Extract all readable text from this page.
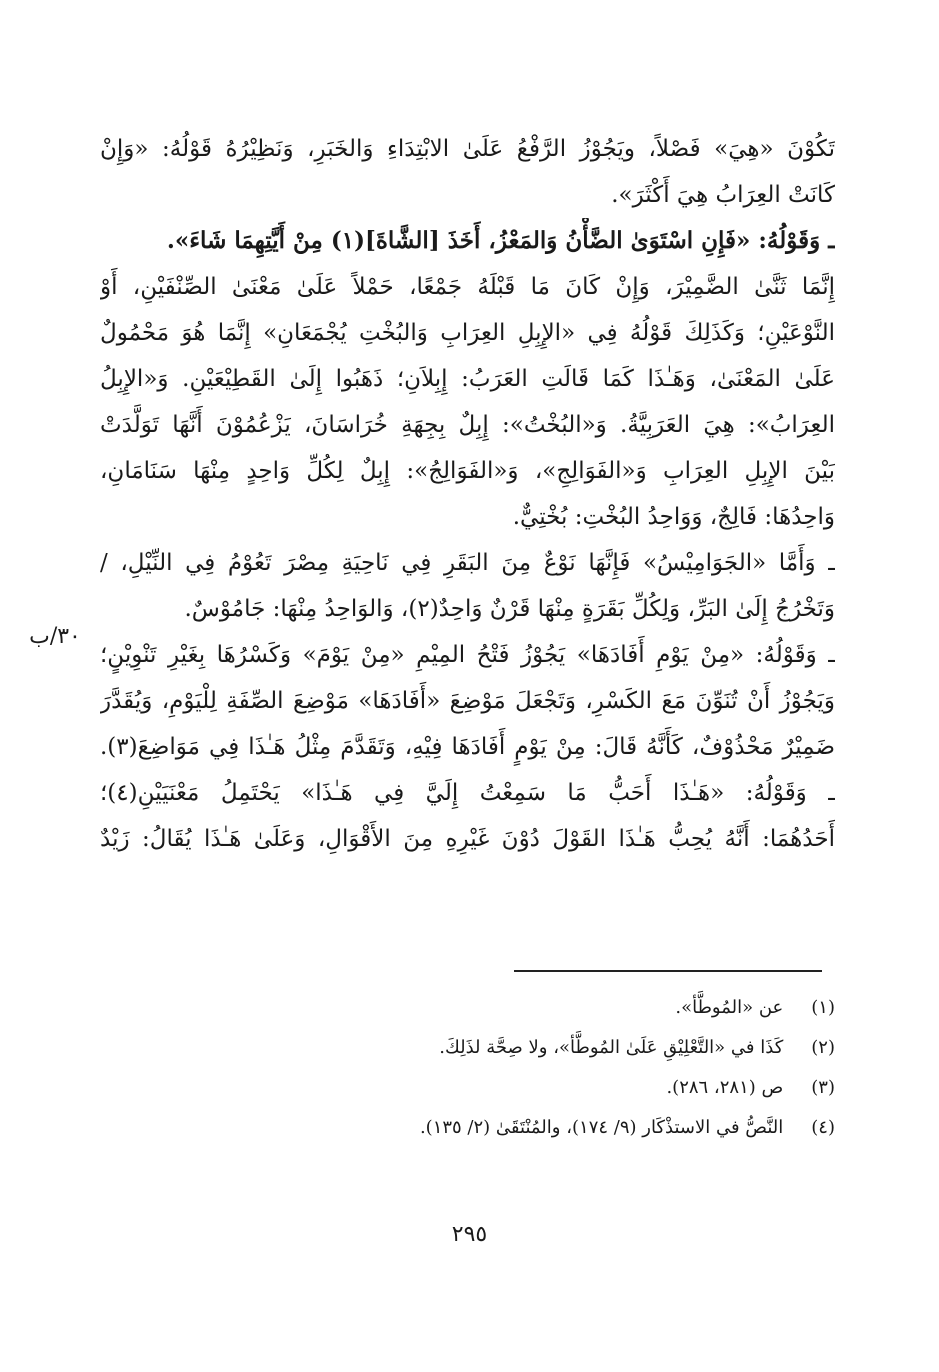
تَكُوْنَ «هِيَ» فَصْلاً، ويَجُوْزُ الرَّفْعُ عَلَىٰ الابْتِدَاءِ وَالخَبَرِ، وَنَظِيْرُهُ قَوْلُهُ: «وَإِنْ
كَانَتْ العِرَابُ هِيَ أَكْثَرَ».
ـ وَقَوْلُهُ: «فَإِنِ اسْتَوَىٰ الضَّأْنُ وَالمَعْزُ، أَخَذَ [الشَّاةَ](١) مِنْ أَيَّتِهِمَا شَاءَ».
إِنَّمَا ثَنَّىٰ الضَّمِيْرَ، وَإِنْ كَانَ مَا قَبْلَهُ جَمْعًا، حَمْلاً عَلَىٰ مَعْنَىٰ الصِّنْفَيْنِ، أَوْ
النَّوْعَيْنِ؛ وَكَذَلِكَ قَوْلُهُ فِي «الإِبِلِ العِرَابِ وَالبُخْتِ يُجْمَعَانِ» إِنَّمَا هُوَ مَحْمُولٌ
عَلَىٰ المَعْنَىٰ، وَهَـٰذَا كَمَا قَالَتِ العَرَبُ: إِبِلاَنِ؛ ذَهَبُوا إِلَىٰ القَطِيْعَيْنِ. وَ«الإِبِلُ
العِرَابُ»: هِيَ العَرَبِيَّةُ. وَ«البُخْتُ»: إِبِلٌ بِجِهَةِ خُرَاسَانَ، يَزْعُمُوْنَ أَنَّهَا تَوَلَّدَتْ
بَيْنَ الإِبِلِ العِرَابِ وَ«الفَوَالِجِ»، وَ«الفَوَالِجُ»: إِبِلٌ لِكُلِّ وَاحِدٍ مِنْهَا سَنَامَانِ،
وَاحِدُهَا: فَالِجٌ، وَوَاحِدُ البُخْتِ: بُخْتِيٌّ.
ـ وَأَمَّا «الجَوَامِيْسُ» فَإِنَّهَا نَوْعٌ مِنَ البَقَرِ فِي نَاحِيَةِ مِصْرَ تَعُوْمُ فِي النِّيْلِ، /
وَتَخْرُجُ إِلَىٰ البَرِّ، وَلِكُلِّ بَقَرَةٍ مِنْهَا قَرْنٌ وَاحِدٌ(٢)، وَالوَاحِدُ مِنْهَا: جَامُوْسٌ.
ـ وَقَوْلُهُ: «مِنْ يَوْمِ أَفَادَهَا» يَجُوْزُ فَتْحُ المِيْمِ «مِنْ يَوْمَ» وَكَسْرُهَا بِغَيْرِ تَنْوِيْنٍ؛
وَيَجُوْزُ أَنْ تُنَوِّنَ مَعَ الكَسْرِ، وَتَجْعَلَ مَوْضِعَ «أَفَادَهَا» مَوْضِعَ الصِّفَةِ لِلْيَوْمِ، وَيُقَدَّرَ
ضَمِيْرٌ مَحْذُوْفٌ، كَأَنَّهُ قَالَ: مِنْ يَوْمٍ أَفَادَهَا فِيْهِ، وَتَقَدَّمَ مِثْلُ هَـٰذَا فِي مَوَاضِعَ(٣).
ـ وَقَوْلُهُ: «هَـٰذَا أَحَبُّ مَا سَمِعْتُ إِلَيَّ فِي هَـٰذَا» يَحْتَمِلُ مَعْنَيَيْنِ(٤)؛
أَحَدُهُمَا: أَنَّهُ يُحِبُّ هَـٰذَا القَوْلَ دُوْنَ غَيْرِهِ مِنَ الأَقْوَالِ، وَعَلَىٰ هَـٰذَا يُقَالُ: زَيْدٌ
٣٠/ب
(١) عن «المُوطَّأ».
(٢) كَذَا في «التَّعْلِيْقِ عَلَىٰ المُوطَّأ»، ولا صِحَّة لذَلِكَ.
(٣) ص (٢٨١، ٢٨٦).
(٤) النَّصُّ في الاستذْكَار (٩/ ١٧٤)، والمُنْتَقَىٰ (٢/ ١٣٥).
٢٩٥
